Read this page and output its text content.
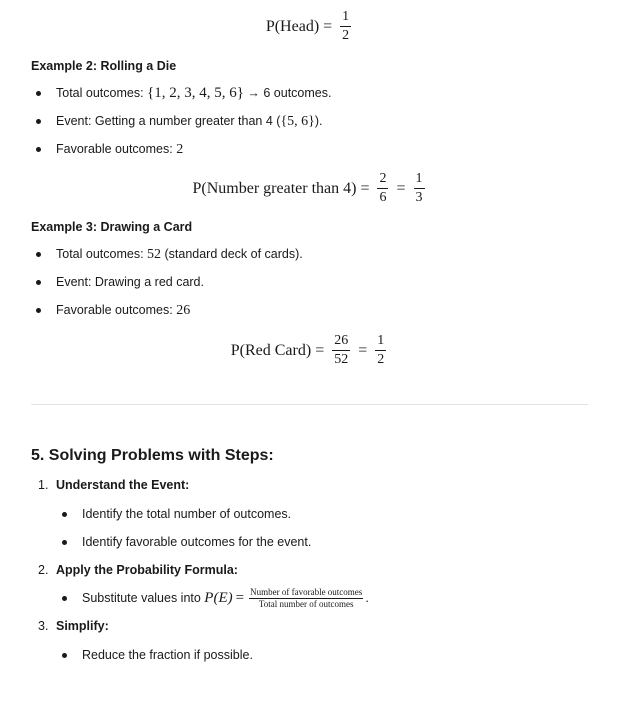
P(Head) = $\frac{1}{2}$
Example 2: Rolling a Die
Total outcomes: {1, 2, 3, 4, 5, 6} → 6 outcomes.
Event: Getting a number greater than 4 ({5, 6}).
Favorable outcomes: 2
P(Number greater than $4) = \frac{2}{6} = \frac{1}{3}$
Example 3: Drawing a Card
Total outcomes: 52 (standard deck of cards).
Event: Drawing a red card.
Favorable outcomes: 26
P(Red Card) = $\frac{26}{52} = \frac{1}{2}$
5. Solving Problems with Steps:
1. Understand the Event:
Identify the total number of outcomes.
Identify favorable outcomes for the event.
2. Apply the Probability Formula:
Substitute values into $P(E) = \frac{\text{Number of favorable outcomes}}{\text{Total number of outcomes}}$ .
3. Simplify:
Reduce the fraction if possible.
